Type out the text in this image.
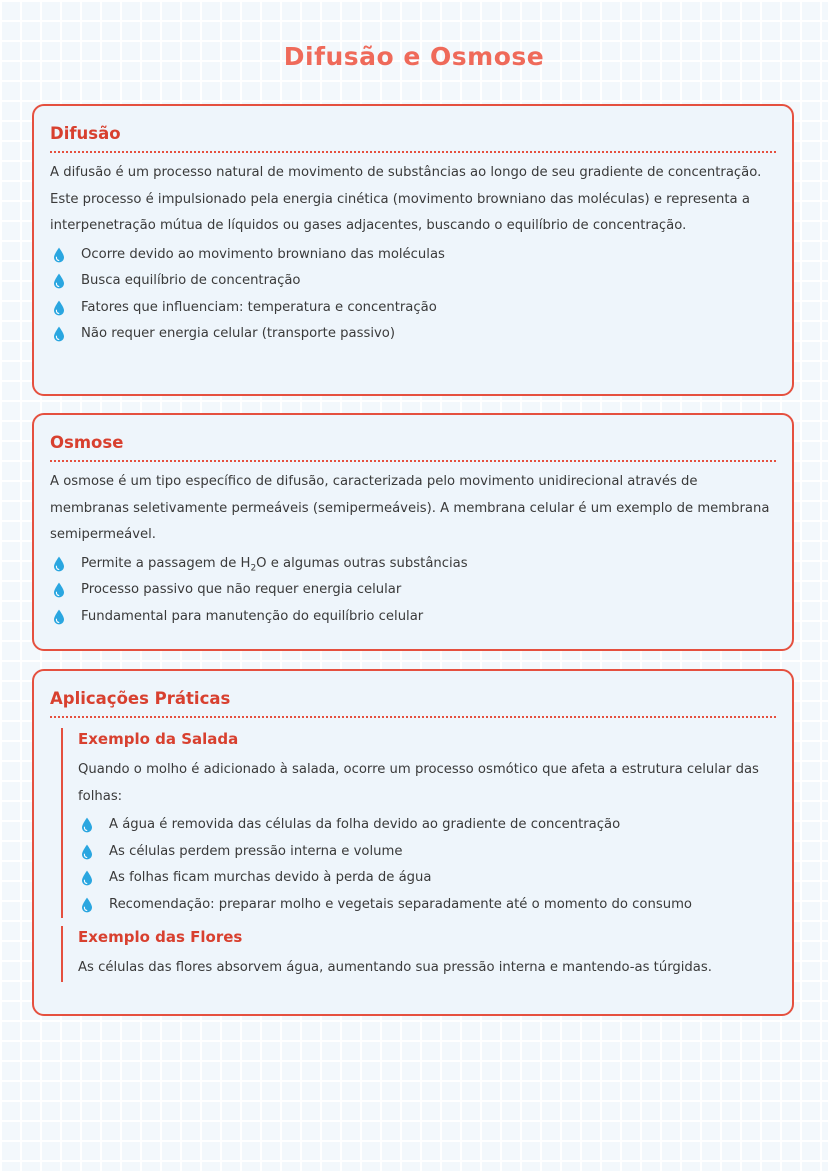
Difusão e Osmose
Difusão

A difusão é um processo natural de movimento de substâncias ao longo de seu gradiente de concentração. Este processo é impulsionado pela energia cinética (movimento browniano das moléculas) e representa a interpenetração mútua de líquidos ou gases adjacentes, buscando o equilíbrio de concentração.

Ocorre devido ao movimento browniano das moléculas
Busca equilíbrio de concentração
Fatores que influenciam: temperatura e concentração
Não requer energia celular (transporte passivo)
Osmose

A osmose é um tipo específico de difusão, caracterizada pelo movimento unidirecional através de membranas seletivamente permeáveis (semipermeáveis). A membrana celular é um exemplo de membrana semipermeável.

Permite a passagem de $H_2O$ e algumas outras substâncias
Processo passivo que não requer energia celular
Fundamental para manutenção do equilíbrio celular
Aplicações Práticas
Exemplo da Salada

Quando o molho é adicionado à salada, ocorre um processo osmótico que afeta a estrutura celular das folhas:

A água é removida das células da folha devido ao gradiente de concentração
As células perdem pressão interna e volume
As folhas ficam murchas devido à perda de água
Recomendação: preparar molho e vegetais separadamente até o momento do consumo
Exemplo das Flores

As células das flores absorvem água, aumentando sua pressão interna e mantendo-as túrgidas.
